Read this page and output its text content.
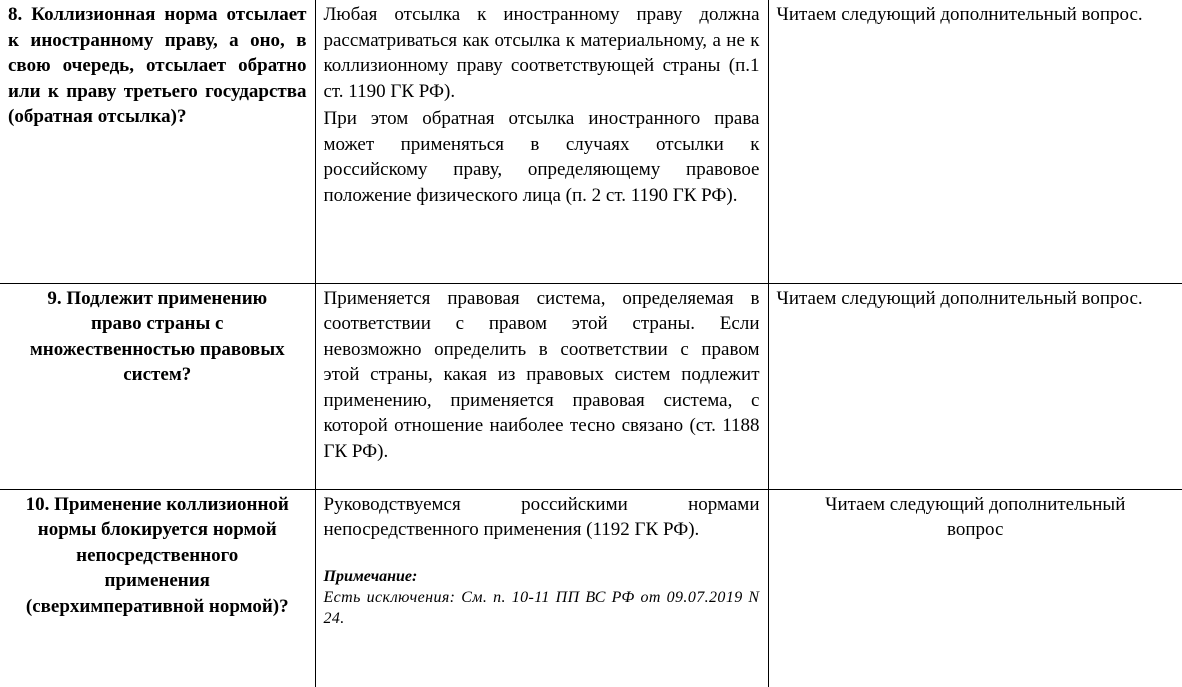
8. Коллизионная норма отсылает к иностранному праву, а оно, в свою очередь, отсылает обратно или к праву третьего государства (обратная отсылка)?	Любая отсылка к иностранному праву должна рассматриваться как отсылка к материальному, а не к коллизионному праву соответствующей страны (п.1 ст. 1190 ГК РФ).

При этом обратная отсылка иностранного права может применяться в случаях отсылки к российскому праву, определяющему правовое положение физического лица (п. 2 ст. 1190 ГК РФ).	Читаем следующий дополнительный вопрос.
9. Подлежит применению право страны с множественностью правовых систем?	Применяется правовая система, определяемая в соответствии с правом этой страны. Если невозможно определить в соответствии с правом этой страны, какая из правовых систем подлежит применению, применяется правовая система, с которой отношение наиболее тесно связано (ст. 1188 ГК РФ).	Читаем следующий дополнительный вопрос.
10. Применение коллизионной нормы блокируется нормой непосредственного применения (сверхимперативной нормой)?	Руководствуемся российскими нормами непосредственного применения (1192 ГК РФ).

Примечание:

Есть исключения: См. п. 10-11 ПП ВС РФ от 09.07.2019 N 24.	Читаем следующий дополнительный вопрос
